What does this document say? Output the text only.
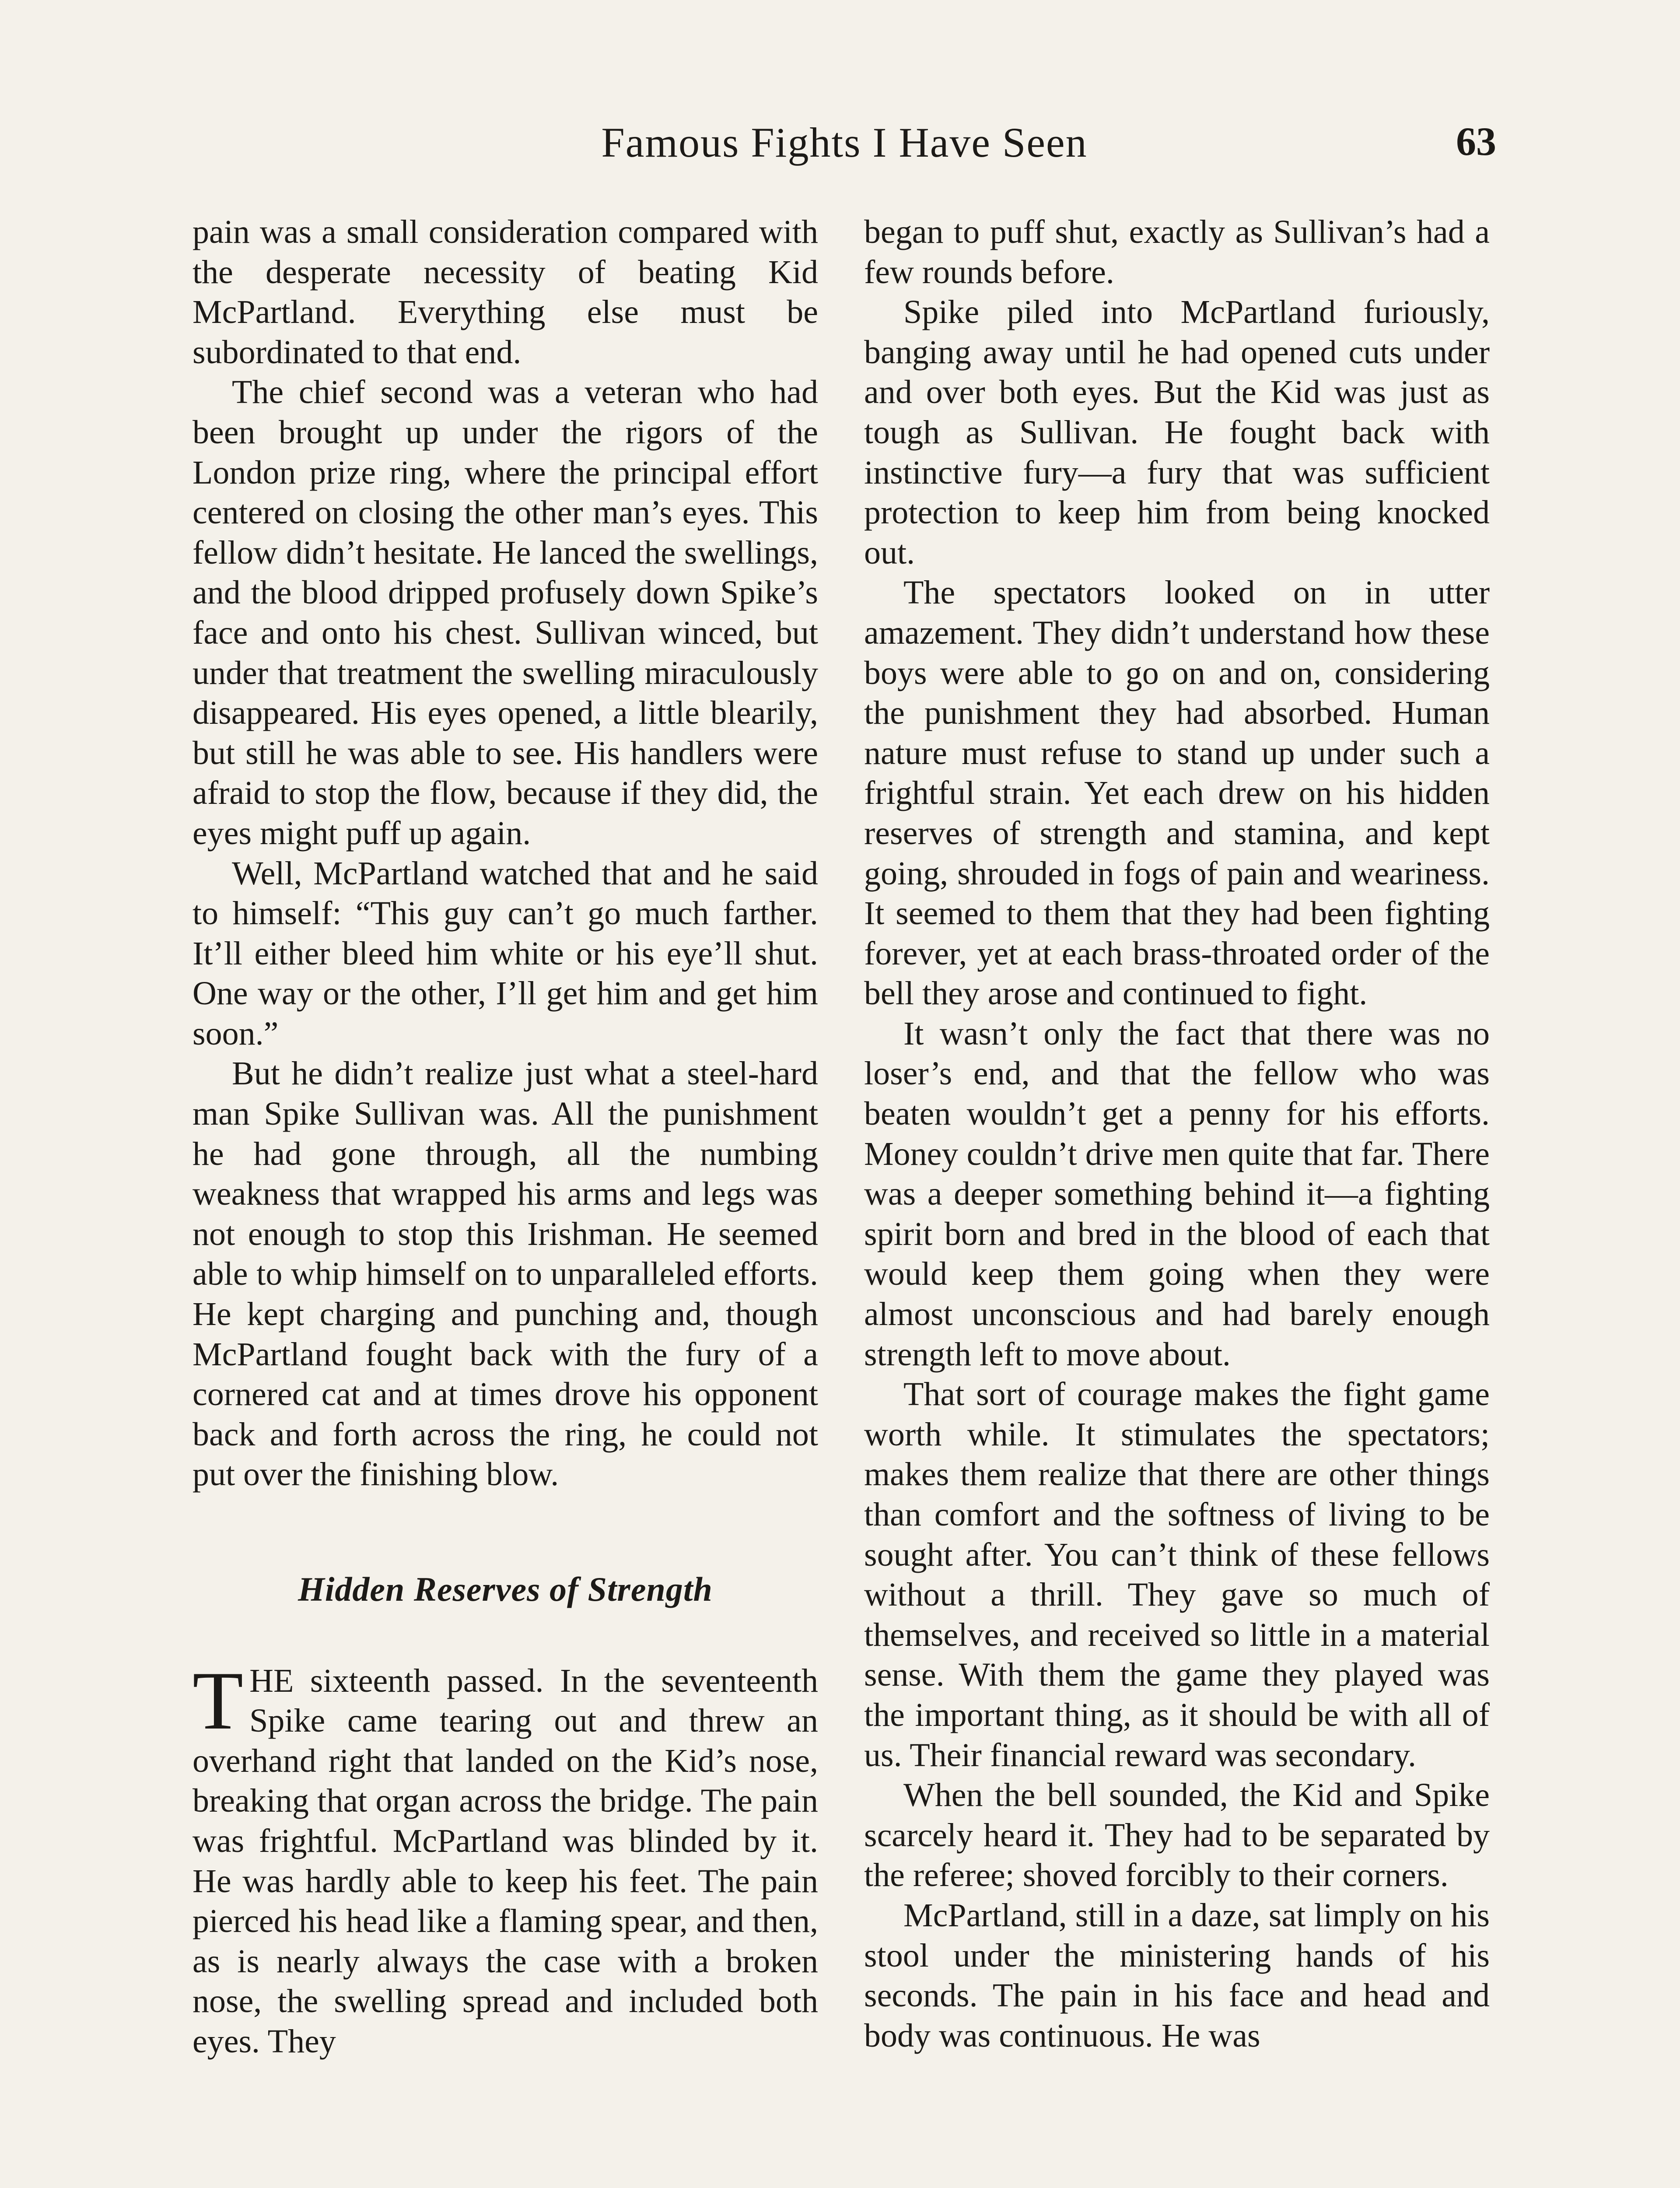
Famous Fights I Have Seen	63

pain was a small consideration compared with the desperate necessity of beating Kid McPartland. Everything else must be subordinated to that end.

The chief second was a veteran who had been brought up under the rigors of the London prize ring, where the principal effort centered on closing the other man’s eyes. This fellow didn’t hesitate. He lanced the swellings, and the blood dripped profusely down Spike’s face and onto his chest. Sullivan winced, but under that treatment the swelling miraculously disappeared. His eyes opened, a little blearily, but still he was able to see. His handlers were afraid to stop the flow, because if they did, the eyes might puff up again.

Well, McPartland watched that and he said to himself: “This guy can’t go much farther. It’ll either bleed him white or his eye’ll shut. One way or the other, I’ll get him and get him soon.”

But he didn’t realize just what a steel-hard man Spike Sullivan was. All the punishment he had gone through, all the numbing weakness that wrapped his arms and legs was not enough to stop this Irishman. He seemed able to whip himself on to unparalleled efforts. He kept charging and punching and, though McPartland fought back with the fury of a cornered cat and at times drove his opponent back and forth across the ring, he could not put over the finishing blow.

Hidden Reserves of Strength

THE sixteenth passed. In the seventeenth Spike came tearing out and threw an overhand right that landed on the Kid’s nose, breaking that organ across the bridge. The pain was frightful. McPartland was blinded by it. He was hardly able to keep his feet. The pain pierced his head like a flaming spear, and then, as is nearly always the case with a broken nose, the swelling spread and included both eyes. They

began to puff shut, exactly as Sullivan’s had a few rounds before.

Spike piled into McPartland furiously, banging away until he had opened cuts under and over both eyes. But the Kid was just as tough as Sullivan. He fought back with instinctive fury—a fury that was sufficient protection to keep him from being knocked out.

The spectators looked on in utter amazement. They didn’t understand how these boys were able to go on and on, considering the punishment they had absorbed. Human nature must refuse to stand up under such a frightful strain. Yet each drew on his hidden reserves of strength and stamina, and kept going, shrouded in fogs of pain and weariness. It seemed to them that they had been fighting forever, yet at each brass-throated order of the bell they arose and continued to fight.

It wasn’t only the fact that there was no loser’s end, and that the fellow who was beaten wouldn’t get a penny for his efforts. Money couldn’t drive men quite that far. There was a deeper something behind it—a fighting spirit born and bred in the blood of each that would keep them going when they were almost unconscious and had barely enough strength left to move about.

That sort of courage makes the fight game worth while. It stimulates the spectators; makes them realize that there are other things than comfort and the softness of living to be sought after. You can’t think of these fellows without a thrill. They gave so much of themselves, and received so little in a material sense. With them the game they played was the important thing, as it should be with all of us. Their financial reward was secondary.

When the bell sounded, the Kid and Spike scarcely heard it. They had to be separated by the referee; shoved forcibly to their corners.

McPartland, still in a daze, sat limply on his stool under the ministering hands of his seconds. The pain in his face and head and body was continuous. He was
